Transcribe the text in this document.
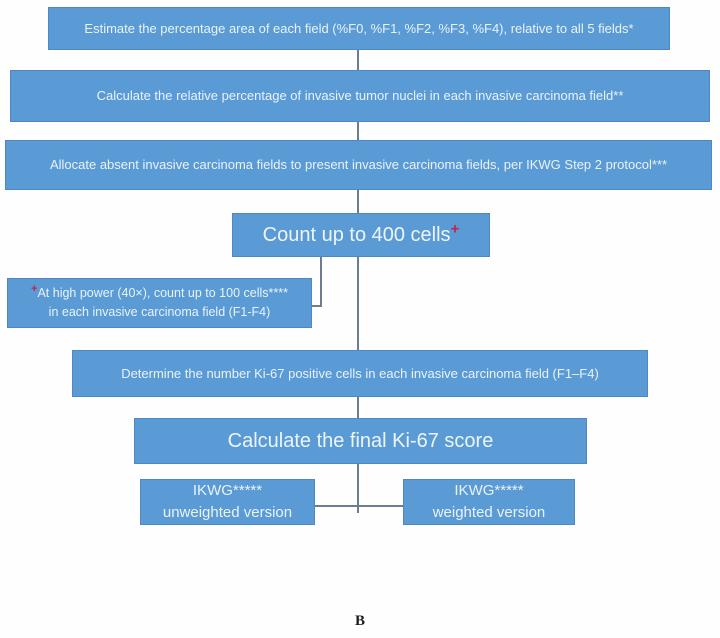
Estimate the percentage area of each field (%F0, %F1, %F2, %F3, %F4), relative to all 5 fields*
Calculate the relative percentage of invasive tumor nuclei in each invasive carcinoma field**
Allocate absent invasive carcinoma fields to present invasive carcinoma fields, per IKWG Step 2 protocol***
Count up to 400 cells+
+At high power (40×), count up to 100 cells****
in each invasive carcinoma field (F1-F4)
Determine the number Ki-67 positive cells in each invasive carcinoma field (F1–F4)
Calculate the final Ki-67 score
IKWG*****
unweighted version
IKWG*****
weighted version
B
